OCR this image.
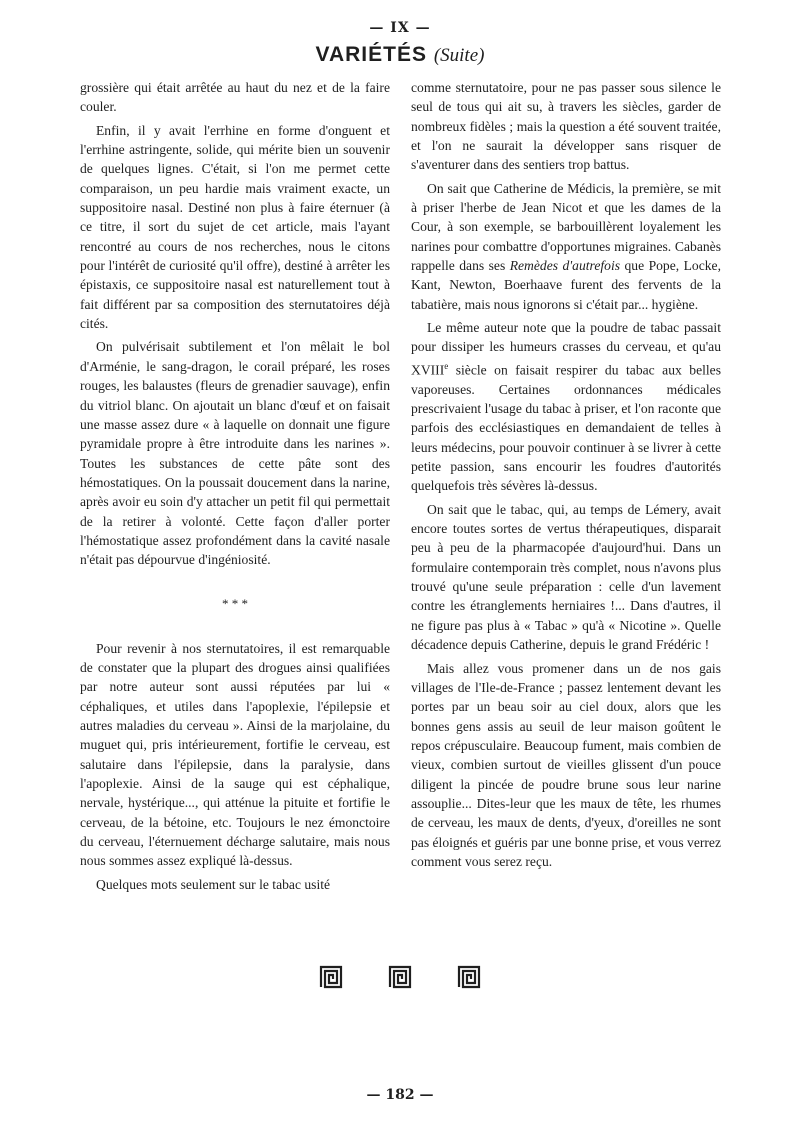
— IX —
VARIÉTÉS (Suite)

grossière qui était arrêtée au haut du nez et de la faire couler.

Enfin, il y avait l'errhine en forme d'onguent et l'errhine astringente, solide, qui mérite bien un souvenir de quelques lignes. C'était, si l'on me permet cette comparaison, un peu hardie mais vraiment exacte, un suppositoire nasal. Destiné non plus à faire éternuer (à ce titre, il sort du sujet de cet article, mais l'ayant rencontré au cours de nos recherches, nous le citons pour l'intérêt de curiosité qu'il offre), destiné à arrêter les épistaxis, ce suppositoire nasal est naturellement tout à fait différent par sa composition des sternutatoires déjà cités.

On pulvérisait subtilement et l'on mêlait le bol d'Arménie, le sang-dragon, le corail préparé, les roses rouges, les balaustes (fleurs de grenadier sauvage), enfin du vitriol blanc. On ajoutait un blanc d'œuf et on faisait une masse assez dure « à laquelle on donnait une figure pyramidale propre à être introduite dans les narines ». Toutes les substances de cette pâte sont des hémostatiques. On la poussait doucement dans la narine, après avoir eu soin d'y attacher un petit fil qui permettait de la retirer à volonté. Cette façon d'aller porter l'hémostatique assez profondément dans la cavité nasale n'était pas dépourvue d'ingéniosité.

* * *

Pour revenir à nos sternutatoires, il est remarquable de constater que la plupart des drogues ainsi qualifiées par notre auteur sont aussi réputées par lui « céphaliques, et utiles dans l'apoplexie, l'épilepsie et autres maladies du cerveau ». Ainsi de la marjolaine, du muguet qui, pris intérieurement, fortifie le cerveau, est salutaire dans l'épilepsie, dans la paralysie, dans l'apoplexie. Ainsi de la sauge qui est céphalique, nervale, hystérique..., qui atténue la pituite et fortifie le cerveau, de la bétoine, etc. Toujours le nez émonctoire du cerveau, l'éternuement décharge salutaire, mais nous nous sommes assez expliqué là-dessus.

Quelques mots seulement sur le tabac usité

comme sternutatoire, pour ne pas passer sous silence le seul de tous qui ait su, à travers les siècles, garder de nombreux fidèles ; mais la question a été souvent traitée, et l'on ne saurait la développer sans risquer de s'aventurer dans des sentiers trop battus.

On sait que Catherine de Médicis, la première, se mit à priser l'herbe de Jean Nicot et que les dames de la Cour, à son exemple, se barbouillèrent loyalement les narines pour combattre d'opportunes migraines. Cabanès rappelle dans ses Remèdes d'autrefois que Pope, Locke, Kant, Newton, Boerhaave furent des fervents de la tabatière, mais nous ignorons si c'était par... hygiène.

Le même auteur note que la poudre de tabac passait pour dissiper les humeurs crasses du cerveau, et qu'au XVIIIe siècle on faisait respirer du tabac aux belles vaporeuses. Certaines ordonnances médicales prescrivaient l'usage du tabac à priser, et l'on raconte que parfois des ecclésiastiques en demandaient de telles à leurs médecins, pour pouvoir continuer à se livrer à cette petite passion, sans encourir les foudres d'autorités quelquefois très sévères là-dessus.

On sait que le tabac, qui, au temps de Lémery, avait encore toutes sortes de vertus thérapeutiques, disparait peu à peu de la pharmacopée d'aujourd'hui. Dans un formulaire contemporain très complet, nous n'avons plus trouvé qu'une seule préparation : celle d'un lavement contre les étranglements herniaires !... Dans d'autres, il ne figure pas plus à « Tabac » qu'à « Nicotine ». Quelle décadence depuis Catherine, depuis le grand Frédéric !

Mais allez vous promener dans un de nos gais villages de l'Ile-de-France ; passez lentement devant les portes par un beau soir au ciel doux, alors que les bonnes gens assis au seuil de leur maison goûtent le repos crépusculaire. Beaucoup fument, mais combien de vieux, combien surtout de vieilles glissent d'un pouce diligent la pincée de poudre brune sous leur narine assouplie... Dites-leur que les maux de tête, les rhumes de cerveau, les maux de dents, d'yeux, d'oreilles ne sont pas éloignés et guéris par une bonne prise, et vous verrez comment vous serez reçu.

— 182 —
